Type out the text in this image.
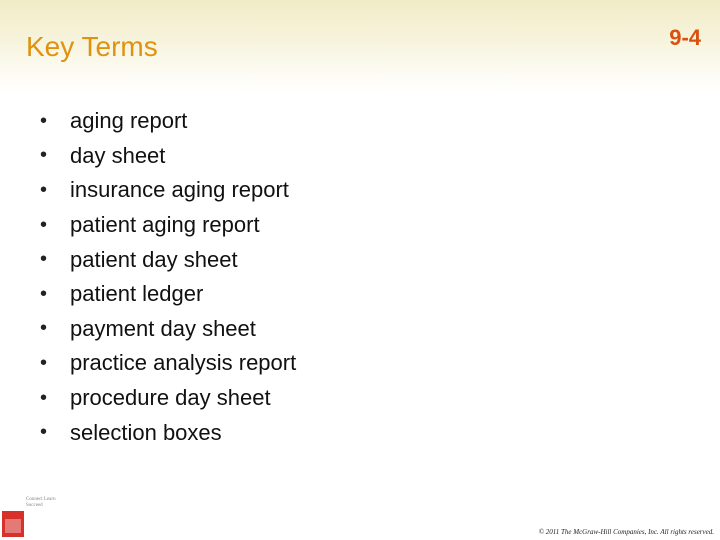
Key Terms	9-4
•	aging report
•	day sheet
•	insurance aging report
•	patient aging report
•	patient day sheet
•	patient ledger
•	payment day sheet
•	practice analysis report
•	procedure day sheet
•	selection boxes
Connect Learn Succeed
© 2011 The McGraw-Hill Companies, Inc. All rights reserved.
